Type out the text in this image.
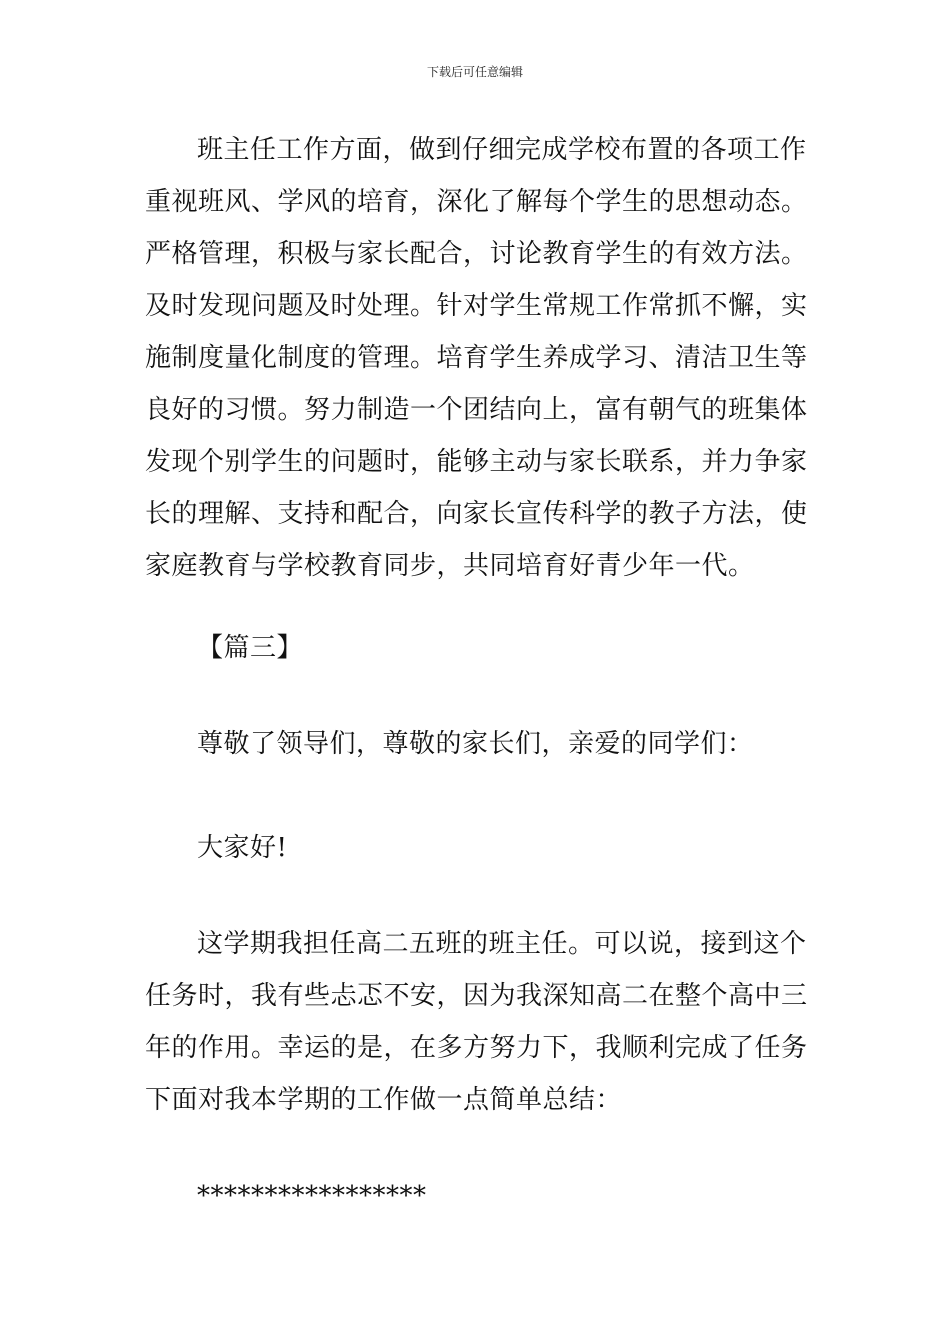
下载后可任意编辑
班主任工作方面，做到仔细完成学校布置的各项工作
重视班风、学风的培育，深化了解每个学生的思想动态。
严格管理，积极与家长配合，讨论教育学生的有效方法。
及时发现问题及时处理。针对学生常规工作常抓不懈，实
施制度量化制度的管理。培育学生养成学习、清洁卫生等
良好的习惯。努力制造一个团结向上，富有朝气的班集体
发现个别学生的问题时，能够主动与家长联系，并力争家
长的理解、支持和配合，向家长宣传科学的教子方法，使
家庭教育与学校教育同步，共同培育好青少年一代。
【篇三】
尊敬了领导们，尊敬的家长们，亲爱的同学们：
大家好!
这学期我担任高二五班的班主任。可以说，接到这个
任务时，我有些忐忑不安，因为我深知高二在整个高中三
年的作用。幸运的是，在多方努力下，我顺利完成了任务
下面对我本学期的工作做一点简单总结：
*****************
